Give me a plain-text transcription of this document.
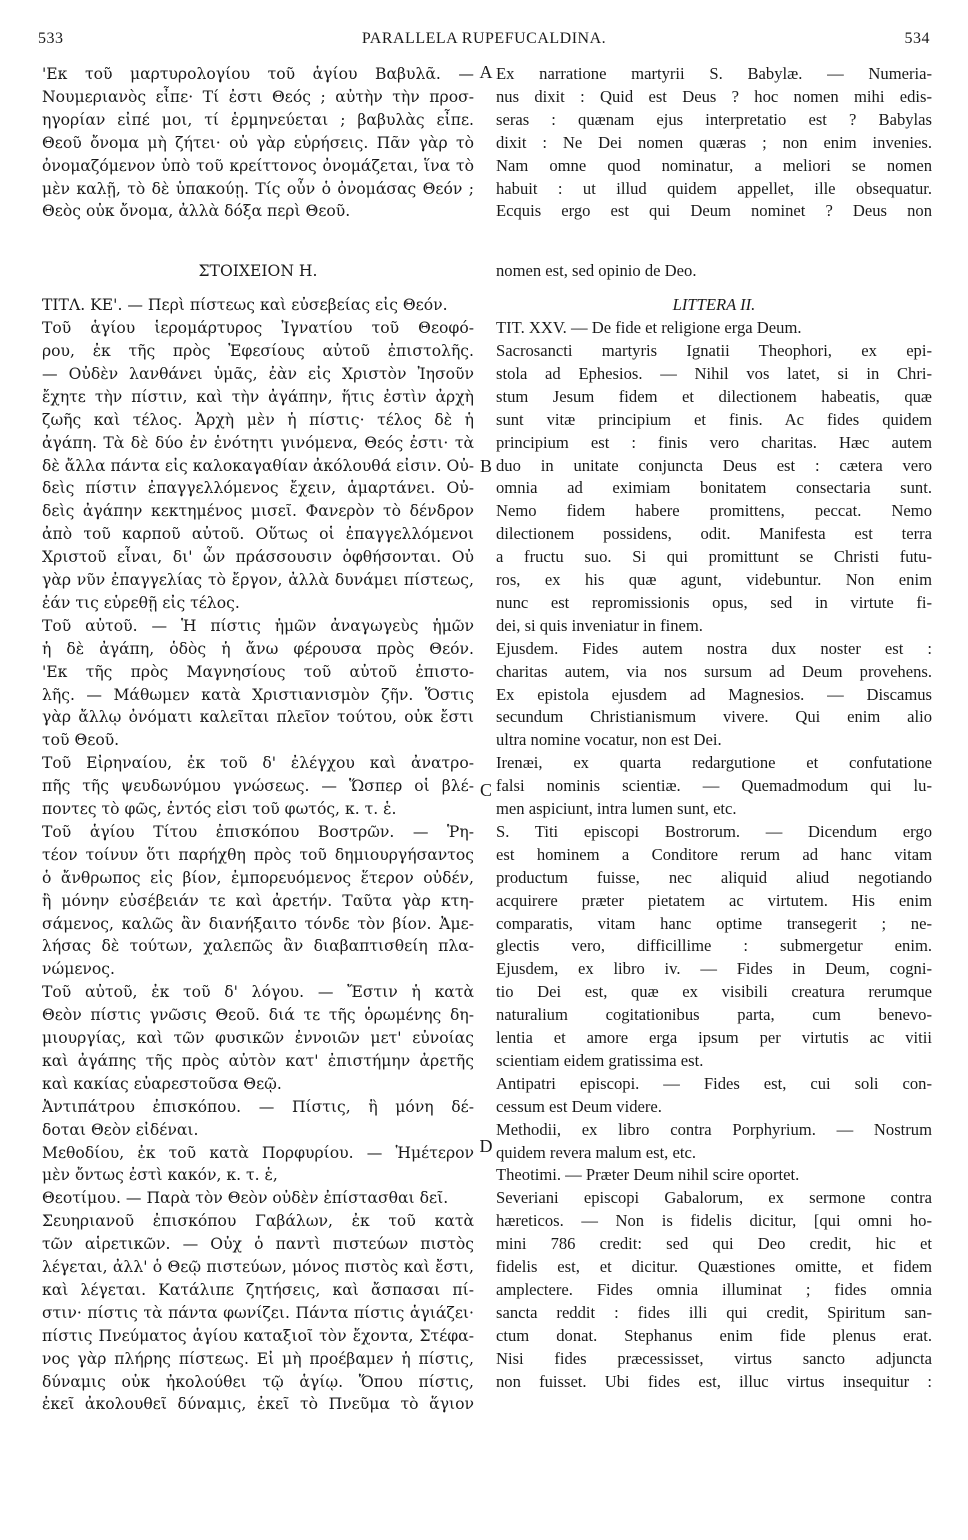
533	PARALLELA RUPEFUCALDINA.	534
'Εκ τοῦ μαρτυρολογίου τοῦ ἁγίου Βαβυλᾶ. —
Νουμεριανὸς εἶπε· Τί ἐστι Θεός ; αὐτὴν τὴν προσ-
ηγορίαν εἰπέ μοι, τί ἑρμηνεύεται ; βαβυλὰς εἶπε.
Θεοῦ ὄνομα μὴ ζήτει· οὐ γὰρ εὑρήσεις. Πᾶν γὰρ τὸ
ὀνομαζόμενον ὑπὸ τοῦ κρείττονος ὀνομάζεται, ἵνα τὸ
μὲν καλῇ, τὸ δὲ ὑπακούῃ. Τίς οὖν ὁ ὀνομάσας Θεόν ;
Θεὸς οὐκ ὄνομα, ἀλλὰ δόξα περὶ Θεοῦ.
ΣΤΟΙΧΕΙΟΝ Η.
ΤΙΤΛ. ΚΕ'. — Περὶ πίστεως καὶ εὐσεβείας εἰς Θεόν.
Τοῦ ἁγίου ἱερομάρτυρος Ἰγνατίου τοῦ Θεοφό-
ρου, ἐκ τῆς πρὸς Ἐφεσίους αὐτοῦ ἐπιστολῆς.
— Οὐδὲν λανθάνει ὑμᾶς, ἐὰν εἰς Χριστὸν Ἰησοῦν
ἔχητε τὴν πίστιν, καὶ τὴν ἀγάπην, ἥτις ἐστὶν ἀρχὴ
ζωῆς καὶ τέλος. Ἀρχὴ μὲν ἡ πίστις· τέλος δὲ ἡ
ἀγάπη. Τὰ δὲ δύο ἐν ἑνότητι γινόμενα, Θεός ἐστι· τὰ
δὲ ἄλλα πάντα εἰς καλοκαγαθίαν ἀκόλουθά εἰσιν. Οὐ-
δεὶς πίστιν ἐπαγγελλόμενος ἔχειν, ἁμαρτάνει. Οὐ-
δεὶς ἀγάπην κεκτημένος μισεῖ. Φανερὸν τὸ δένδρον
ἀπὸ τοῦ καρποῦ αὐτοῦ. Οὕτως οἱ ἐπαγγελλόμενοι
Χριστοῦ εἶναι, δι' ὧν πράσσουσιν ὀφθήσονται. Οὐ
γὰρ νῦν ἐπαγγελίας τὸ ἔργον, ἀλλὰ δυνάμει πίστεως,
ἐάν τις εὑρεθῇ εἰς τέλος.
Τοῦ αὐτοῦ. — Ἡ πίστις ἡμῶν ἀναγωγεὺς ἡμῶν
ἡ δὲ ἀγάπη, ὁδὸς ἡ ἄνω φέρουσα πρὸς Θεόν.
'Εκ τῆς πρὸς Μαγνησίους τοῦ αὐτοῦ ἐπιστο-
λῆς. — Μάθωμεν κατὰ Χριστιανισμὸν ζῆν. Ὅστις
γὰρ ἄλλῳ ὀνόματι καλεῖται πλεῖον τούτου, οὐκ ἔστι
τοῦ Θεοῦ.
Τοῦ Εἰρηναίου, ἐκ τοῦ δ' ἐλέγχου καὶ ἀνατρο-
πῆς τῆς ψευδωνύμου γνώσεως. — Ὥσπερ οἱ βλέ-
ποντες τὸ φῶς, ἐντός εἰσι τοῦ φωτός, κ. τ. ἑ.
Τοῦ ἁγίου Τίτου ἐπισκόπου Βοστρῶν. — Ῥη-
τέον τοίνυν ὅτι παρήχθη πρὸς τοῦ δημιουργήσαντος
ὁ ἄνθρωπος εἰς βίον, ἐμπορευόμενος ἕτερον οὐδέν,
ἢ μόνην εὐσέβειάν τε καὶ ἀρετήν. Ταῦτα γὰρ κτη-
σάμενος, καλῶς ἂν διανήξαιτο τόνδε τὸν βίον. Ἀμε-
λήσας δὲ τούτων, χαλεπῶς ἂν διαβαπτισθείη πλα-
νώμενος.
Τοῦ αὐτοῦ, ἐκ τοῦ δ' λόγου. — Ἔστιν ἡ κατὰ
Θεὸν πίστις γνῶσις Θεοῦ. διά τε τῆς ὁρωμένης δη-
μιουργίας, καὶ τῶν φυσικῶν ἐννοιῶν μετ' εὐνοίας
καὶ ἀγάπης τῆς πρὸς αὐτὸν κατ' ἐπιστήμην ἀρετῆς
καὶ κακίας εὐαρεστοῦσα Θεῷ.
Ἀντιπάτρου ἐπισκόπου. — Πίστις, ἣ μόνη δέ-
δοται Θεὸν εἰδέναι.
Μεθοδίου, ἐκ τοῦ κατὰ Πορφυρίου. — Ἡμέτερον
μὲν ὄντως ἐστὶ κακόν, κ. τ. ἑ,
Θεοτίμου. — Παρὰ τὸν Θεὸν οὐδὲν ἐπίστασθαι δεῖ.
Σευηριανοῦ ἐπισκόπου Γαβάλων, ἐκ τοῦ κατὰ
τῶν αἱρετικῶν. — Οὐχ ὁ παντὶ πιστεύων πιστὸς
λέγεται, ἀλλ' ὁ Θεῷ πιστεύων, μόνος πιστὸς καὶ ἔστι,
καὶ λέγεται. Κατάλιπε ζητήσεις, καὶ ἄσπασαι πί-
στιν· πίστις τὰ πάντα φωνίζει. Πάντα πίστις ἁγιάζει·
πίστις Πνεύματος ἁγίου καταξιοῖ τὸν ἔχοντα, Στέφα-
νος γὰρ πλήρης πίστεως. Εἰ μὴ προέβαμεν ἡ πίστις,
δύναμις οὐκ ἠκολούθει τῷ ἁγίῳ. Ὅπου πίστις,
ἐκεῖ ἀκολουθεῖ δύναμις, ἐκεῖ τὸ Πνεῦμα τὸ ἅγιον
Ex narratione martyrii S. Babylæ. — Numeria-
nus dixit : Quid est Deus ? hoc nomen mihi edis-
seras : quænam ejus interpretatio est ? Babylas
dixit : Ne Dei nomen quæras ; non enim invenies.
Nam omne quod nominatur, a meliori se nomen
habuit : ut illud quidem appellet, ille obsequatur.
Ecquis ergo est qui Deum nominet ? Deus non
nomen est, sed opinio de Deo.
LITTERA II.
TIT. XXV. — De fide et religione erga Deum.
Sacrosancti martyris Ignatii Theophori, ex epi-
stola ad Ephesios. — Nihil vos latet, si in Chri-
stum Jesum fidem et dilectionem habeatis, quæ
sunt vitæ principium et finis. Ac fides quidem
principium est : finis vero charitas. Hæc autem
duo in unitate conjuncta Deus est : cætera vero
omnia ad eximiam bonitatem consectaria sunt.
Nemo fidem habere promittens, peccat. Nemo
dilectionem possidens, odit. Manifesta est terra
a fructu suo. Si qui promittunt se Christi futu-
ros, ex his quæ agunt, videbuntur. Non enim
nunc est repromissionis opus, sed in virtute fi-
dei, si quis inveniatur in finem.
Ejusdem. Fides autem nostra dux noster est :
charitas autem, via nos sursum ad Deum provehens.
Ex epistola ejusdem ad Magnesios. — Discamus
secundum Christianismum vivere. Qui enim alio
ultra nomine vocatur, non est Dei.
Irenæi, ex quarta redargutione et confutatione
falsi nominis scientiæ. — Quemadmodum qui lu-
men aspiciunt, intra lumen sunt, etc.
S. Titi episcopi Bostrorum. — Dicendum ergo
est hominem a Conditore rerum ad hanc vitam
productum fuisse, nec aliquid aliud negotiando
acquirere præter pietatem ac virtutem. His enim
comparatis, vitam hanc optime transegerit ; ne-
glectis vero, difficillime : submergetur enim.
Ejusdem, ex libro iv. — Fides in Deum, cogni-
tio Dei est, quæ ex visibili creatura rerumque
naturalium cogitationibus parta, cum benevo-
lentia et amore erga ipsum per virtutis ac vitii
scientiam eidem gratissima est.
Antipatri episcopi. — Fides est, cui soli con-
cessum est Deum videre.
Methodii, ex libro contra Porphyrium. — Nostrum
quidem revera malum est, etc.
Theotimi. — Præter Deum nihil scire oportet.
Severiani episcopi Gabalorum, ex sermone contra
hæreticos. — Non is fidelis dicitur, [qui omni ho-
mini 786 credit: sed qui Deo credit, hic et
fidelis est, et dicitur. Quæstiones omitte, et fidem
amplectere. Fides omnia illuminat ; fides omnia
sancta reddit : fides illi qui credit, Spiritum san-
ctum donat. Stephanus enim fide plenus erat.
Nisi fides præcessisset, virtus sancto adjuncta
non fuisset. Ubi fides est, illuc virtus insequitur :
A
B
C
D
